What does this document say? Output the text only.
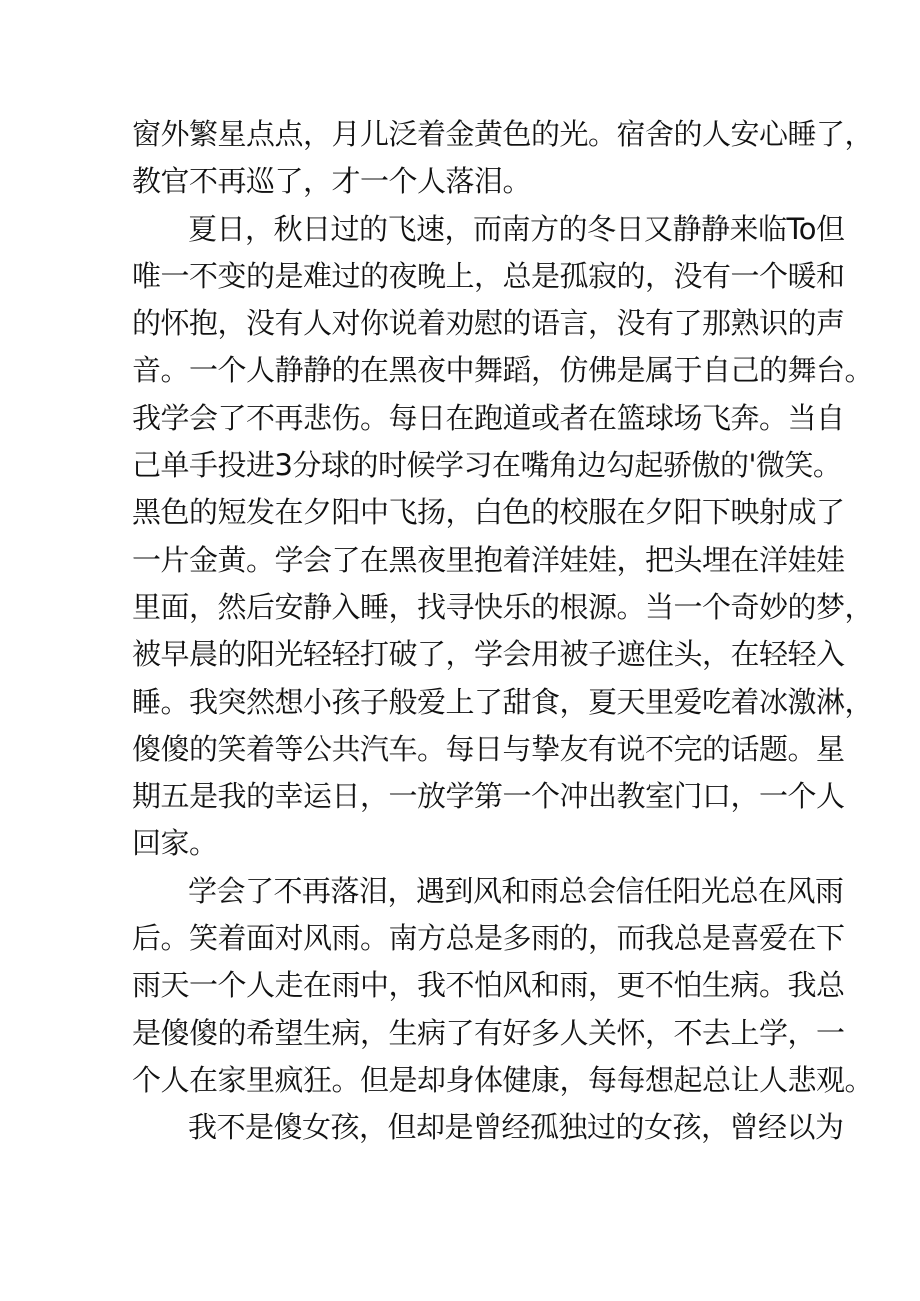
窗外繁星点点，月儿泛着金黄色的光。宿舍的人安心睡了，
教官不再巡了，才一个人落泪。
夏日，秋日过的飞速，而南方的冬日又静静来临To但
唯一不变的是难过的夜晚上，总是孤寂的，没有一个暖和
的怀抱，没有人对你说着劝慰的语言，没有了那熟识的声
音。一个人静静的在黑夜中舞蹈，仿佛是属于自己的舞台。
我学会了不再悲伤。每日在跑道或者在篮球场飞奔。当自
己单手投进3分球的时候学习在嘴角边勾起骄傲的'微笑。
黑色的短发在夕阳中飞扬，白色的校服在夕阳下映射成了
一片金黄。学会了在黑夜里抱着洋娃娃，把头埋在洋娃娃
里面，然后安静入睡，找寻快乐的根源。当一个奇妙的梦，
被早晨的阳光轻轻打破了，学会用被子遮住头，在轻轻入
睡。我突然想小孩子般爱上了甜食，夏天里爱吃着冰激淋，
傻傻的笑着等公共汽车。每日与挚友有说不完的话题。星
期五是我的幸运日，一放学第一个冲出教室门口，一个人
回家。
学会了不再落泪，遇到风和雨总会信任阳光总在风雨
后。笑着面对风雨。南方总是多雨的，而我总是喜爱在下
雨天一个人走在雨中，我不怕风和雨，更不怕生病。我总
是傻傻的希望生病，生病了有好多人关怀，不去上学，一
个人在家里疯狂。但是却身体健康，每每想起总让人悲观。
我不是傻女孩，但却是曾经孤独过的女孩，曾经以为
